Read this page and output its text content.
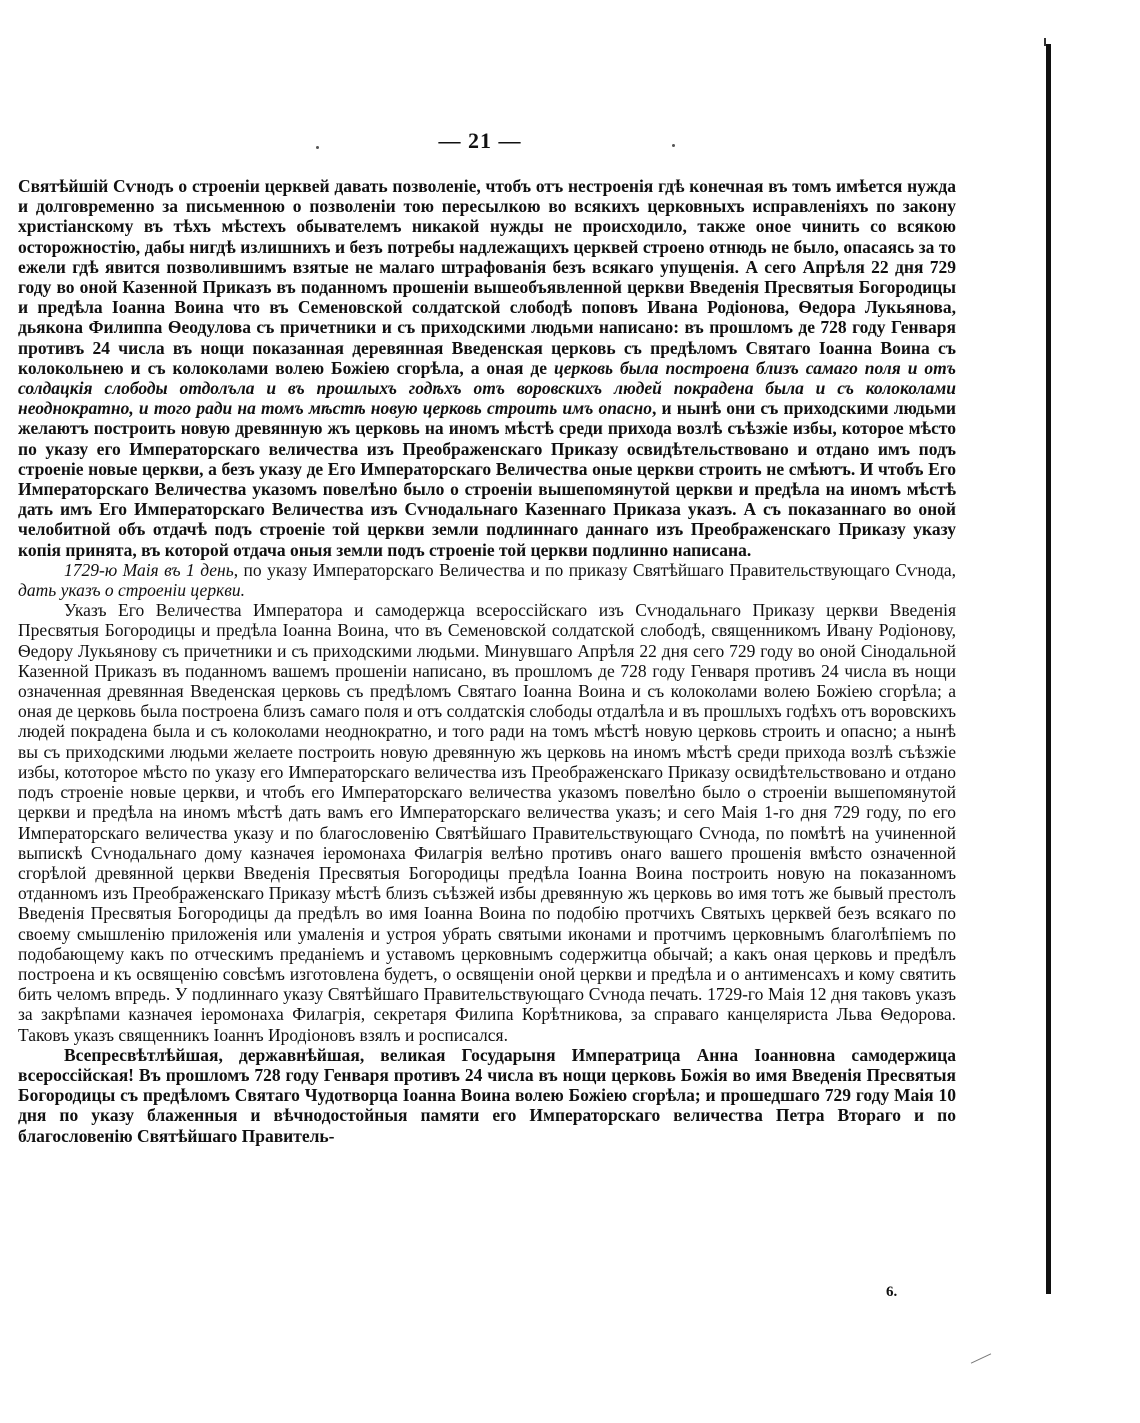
— 21 —

Святѣйшій Сѵнодъ о строеніи церквей давать позволеніе, чтобъ отъ нестроенія гдѣ конечная въ томъ имѣется нужда и долговременно за письменною о позволеніи тою пересылкою во всякихъ церковныхъ исправленіяхъ по закону христіанскому въ тѣхъ мѣстехъ обывателемъ никакой нужды не происходило, также оное чинить со всякою осторожностію, дабы нигдѣ излишнихъ и безъ потребы надлежащихъ церквей строено отнюдь не было, опасаясь за то ежели гдѣ явится позволившимъ взятые не малаго штрафованія безъ всякаго упущенія. А сего Апрѣля 22 дня 729 году во оной Казенной Приказъ въ поданномъ прошеніи вышеобъявленной церкви Введенія Пресвятыя Богородицы и предѣла Іоанна Воина что въ Семеновской солдатской слободѣ поповъ Ивана Родіонова, Ѳедора Лукьянова, дьякона Филиппа Ѳеодулова съ причетники и съ приходскими людьми написано: въ прошломъ де 728 году Генваря противъ 24 числа въ нощи показанная деревянная Введенская церковь съ предѣломъ Святаго Іоанна Воина съ колокольнею и съ колоколами волею Божіею сгорѣла, а оная де церковь была построена близъ самаго поля и отъ солдацкія слободы отдолъла и въ прошлыхъ годѣхъ отъ воровскихъ людей покрадена была и съ колоколами неоднократно, и того ради на томъ мѣстѣ новую церковь строить имъ опасно, и нынѣ они съ приходскими людьми желаютъ построить новую древянную жъ церковь на иномъ мѣстѣ среди прихода возлѣ съѣзжіе избы, которое мѣсто по указу его Императорскаго величества изъ Преображенскаго Приказу освидѣтельствовано и отдано имъ подъ строеніе новые церкви, а безъ указу де Его Императорскаго Величества оные церкви строить не смѣютъ. И чтобъ Его Императорскаго Величества указомъ повелѣно было о строеніи вышепомянутой церкви и предѣла на иномъ мѣстѣ дать имъ Его Императорскаго Величества изъ Сѵнодальнаго Казеннаго Приказа указъ. А съ показаннаго во оной челобитной объ отдачѣ подъ строеніе той церкви земли подлиннаго даннаго изъ Преображенскаго Приказу указу копія принята, въ которой отдача оныя земли подъ строеніе той церкви подлинно написана.

1729-ю Маія въ 1 день, по указу Императорскаго Величества и по приказу Святѣйшаго Правительствующаго Сѵнода, дать указъ о строеніи церкви.

Указъ Его Величества Императора и самодержца всероссійскаго изъ Сѵнодальнаго Приказу церкви Введенія Пресвятыя Богородицы и предѣла Іоанна Воина, что въ Семеновской солдатской слободѣ, священникомъ Ивану Родіонову, Ѳедору Лукьянову съ причетники и съ приходскими людьми. Минувшаго Апрѣля 22 дня сего 729 году во оной Сінодальной Казенной Приказъ въ поданномъ вашемъ прошеніи написано, въ прошломъ де 728 году Генваря противъ 24 числа въ нощи означенная древянная Введенская церковь съ предѣломъ Святаго Іоанна Воина и съ колоколами волею Божіею сгорѣла; а оная де церковь была построена близъ самаго поля и отъ солдатскія слободы отдалѣла и въ прошлыхъ годѣхъ отъ воровскихъ людей покрадена была и съ колоколами неоднократно, и того ради на томъ мѣстѣ новую церковь строить и опасно; а нынѣ вы съ приходскими людьми желаете построить новую древянную жъ церковь на иномъ мѣстѣ среди прихода возлѣ съѣзжіе избы, кототорое мѣсто по указу его Императорскаго величества изъ Преображенскаго Приказу освидѣтельствовано и отдано подъ строеніе новые церкви, и чтобъ его Императорскаго величества указомъ повелѣно было о строеніи вышепомянутой церкви и предѣла на иномъ мѣстѣ дать вамъ его Императорскаго величества указъ; и сего Маія 1-го дня 729 году, по его Императорскаго величества указу и по благословенію Святѣйшаго Правительствующаго Сѵнода, по помѣтѣ на учиненной выпискѣ Сѵнодальнаго дому казначея іеромонаха Филагрія велѣно противъ онаго вашего прошенія вмѣсто означенной сгорѣлой древянной церкви Введенія Пресвятыя Богородицы предѣла Іоанна Воина построить новую на показанномъ отданномъ изъ Преображенскаго Приказу мѣстѣ близъ съѣзжей избы древянную жъ церковь во имя тотъ же бывый престолъ Введенія Пресвятыя Богородицы да предѣлъ во имя Іоанна Воина по подобію протчихъ Святыхъ церквей безъ всякаго по своему смышленію приложенія или умаленія и устроя убрать святыми иконами и протчимъ церковнымъ благолѣпіемъ по подобающему какъ по отческимъ преданіемъ и уставомъ церковнымъ содержитца обычай; а какъ оная церковь и предѣлъ построена и къ освященію совсѣмъ изготовлена будетъ, о освященіи оной церкви и предѣла и о антименсахъ и кому святить бить челомъ впредь. У подлиннаго указу Святѣйшаго Правительствующаго Сѵнода печать. 1729-го Маія 12 дня таковъ указъ за закрѣпами казначея іеромонаха Филагрія, секретаря Филипа Корѣтникова, за справаго канцеляриста Льва Ѳедорова. Таковъ указъ священникъ Іоаннъ Иродіоновъ взялъ и росписался.

Всепресвѣтлѣйшая, державнѣйшая, великая Государыня Императрица Анна Іоанновна самодержица всероссійская! Въ прошломъ 728 году Генваря противъ 24 числа въ нощи церковь Божія во имя Введенія Пресвятыя Богородицы съ предѣломъ Святаго Чудотворца Іоанна Воина волею Божіею сгорѣла; и прошедшаго 729 году Маія 10 дня по указу блаженныя и вѣчнодостойныя памяти его Императорскаго величества Петра Втораго и по благословенію Святѣйшаго Правитель-

6.
